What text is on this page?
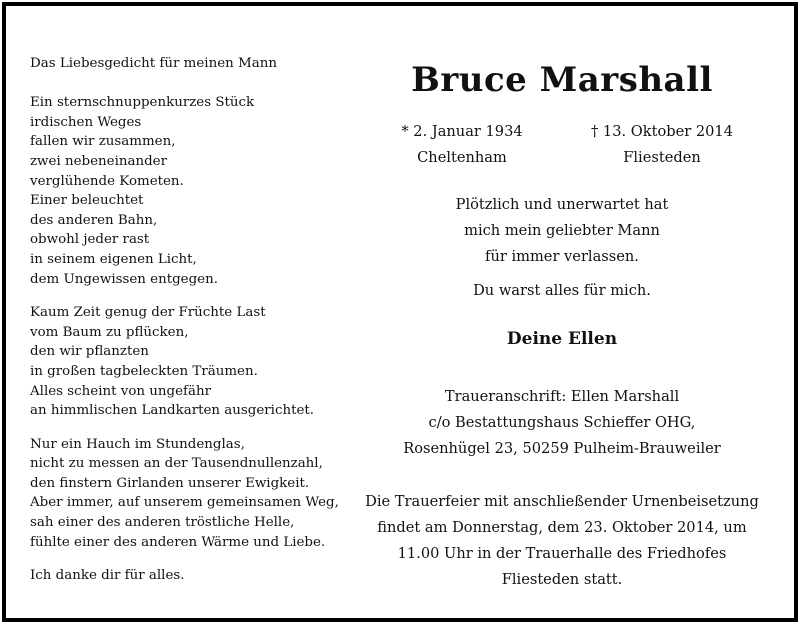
Das Liebesgedicht für meinen Mann
Ein sternschnuppenkurzes Stück
irdischen Weges
fallen wir zusammen,
zwei nebeneinander
verglühende Kometen.
Einer beleuchtet
des anderen Bahn,
obwohl jeder rast
in seinem eigenen Licht,
dem Ungewissen entgegen.
Kaum Zeit genug der Früchte Last
vom Baum zu pflücken,
den wir pflanzten
in großen tagbeleckten Träumen.
Alles scheint von ungefähr
an himmlischen Landkarten ausgerichtet.
Nur ein Hauch im Stundenglas,
nicht zu messen an der Tausendnullenzahl,
den finstern Girlanden unserer Ewigkeit.
Aber immer, auf unserem gemeinsamen Weg,
sah einer des anderen tröstliche Helle,
fühlte einer des anderen Wärme und Liebe.
Ich danke dir für alles.
Bruce Marshall
* 2. Januar 1934
Cheltenham
† 13. Oktober 2014
Fliesteden
Plötzlich und unerwartet hat
mich mein geliebter Mann
für immer verlassen.
Du warst alles für mich.
Deine Ellen
Traueranschrift: Ellen Marshall
c/o Bestattungshaus Schieffer OHG,
Rosenhügel 23, 50259 Pulheim-Brauweiler
Die Trauerfeier mit anschließender Urnenbeisetzung
findet am Donnerstag, dem 23. Oktober 2014, um
11.00 Uhr in der Trauerhalle des Friedhofes
Fliesteden statt.
